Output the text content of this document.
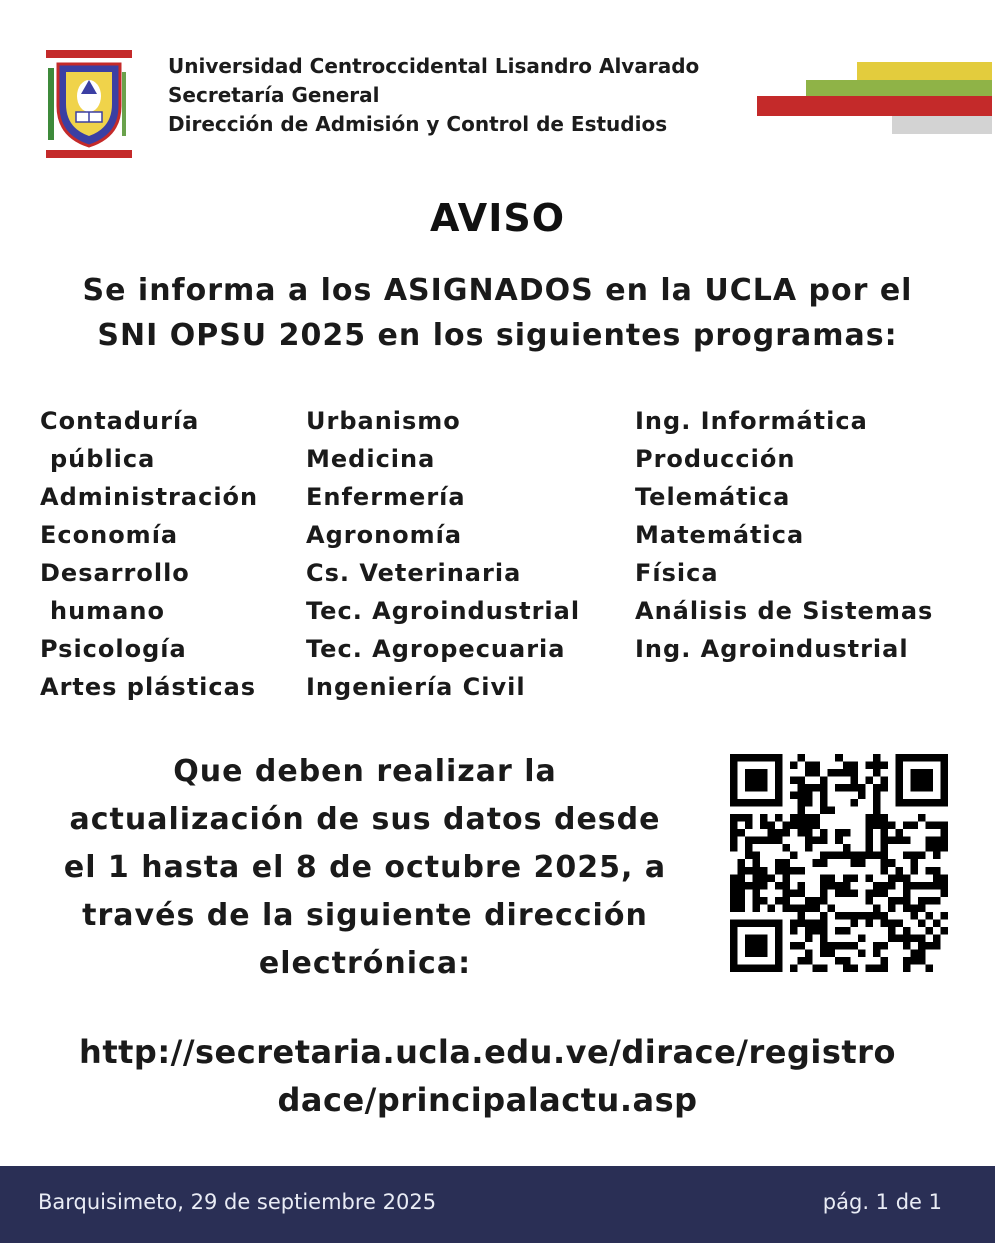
Universidad Centroccidental Lisandro Alvarado
Secretaría General
Dirección de Admisión y Control de Estudios
AVISO
Se informa a los ASIGNADOS en la UCLA por el
SNI OPSU 2025 en los siguientes programas:
Contaduría
pública
Administración
Economía
Desarrollo
humano
Psicología
Artes plásticas
Urbanismo
Medicina
Enfermería
Agronomía
Cs. Veterinaria
Tec. Agroindustrial
Tec. Agropecuaria
Ingeniería Civil
Ing. Informática
Producción
Telemática
Matemática
Física
Análisis de Sistemas
Ing. Agroindustrial
Que deben realizar la
actualización de sus datos desde
el 1 hasta el 8 de octubre 2025, a
través de la siguiente dirección
electrónica:
http://secretaria.ucla.edu.ve/dirace/registro
dace/principalactu.asp
Barquisimeto, 29 de septiembre 2025	pág. 1 de 1
